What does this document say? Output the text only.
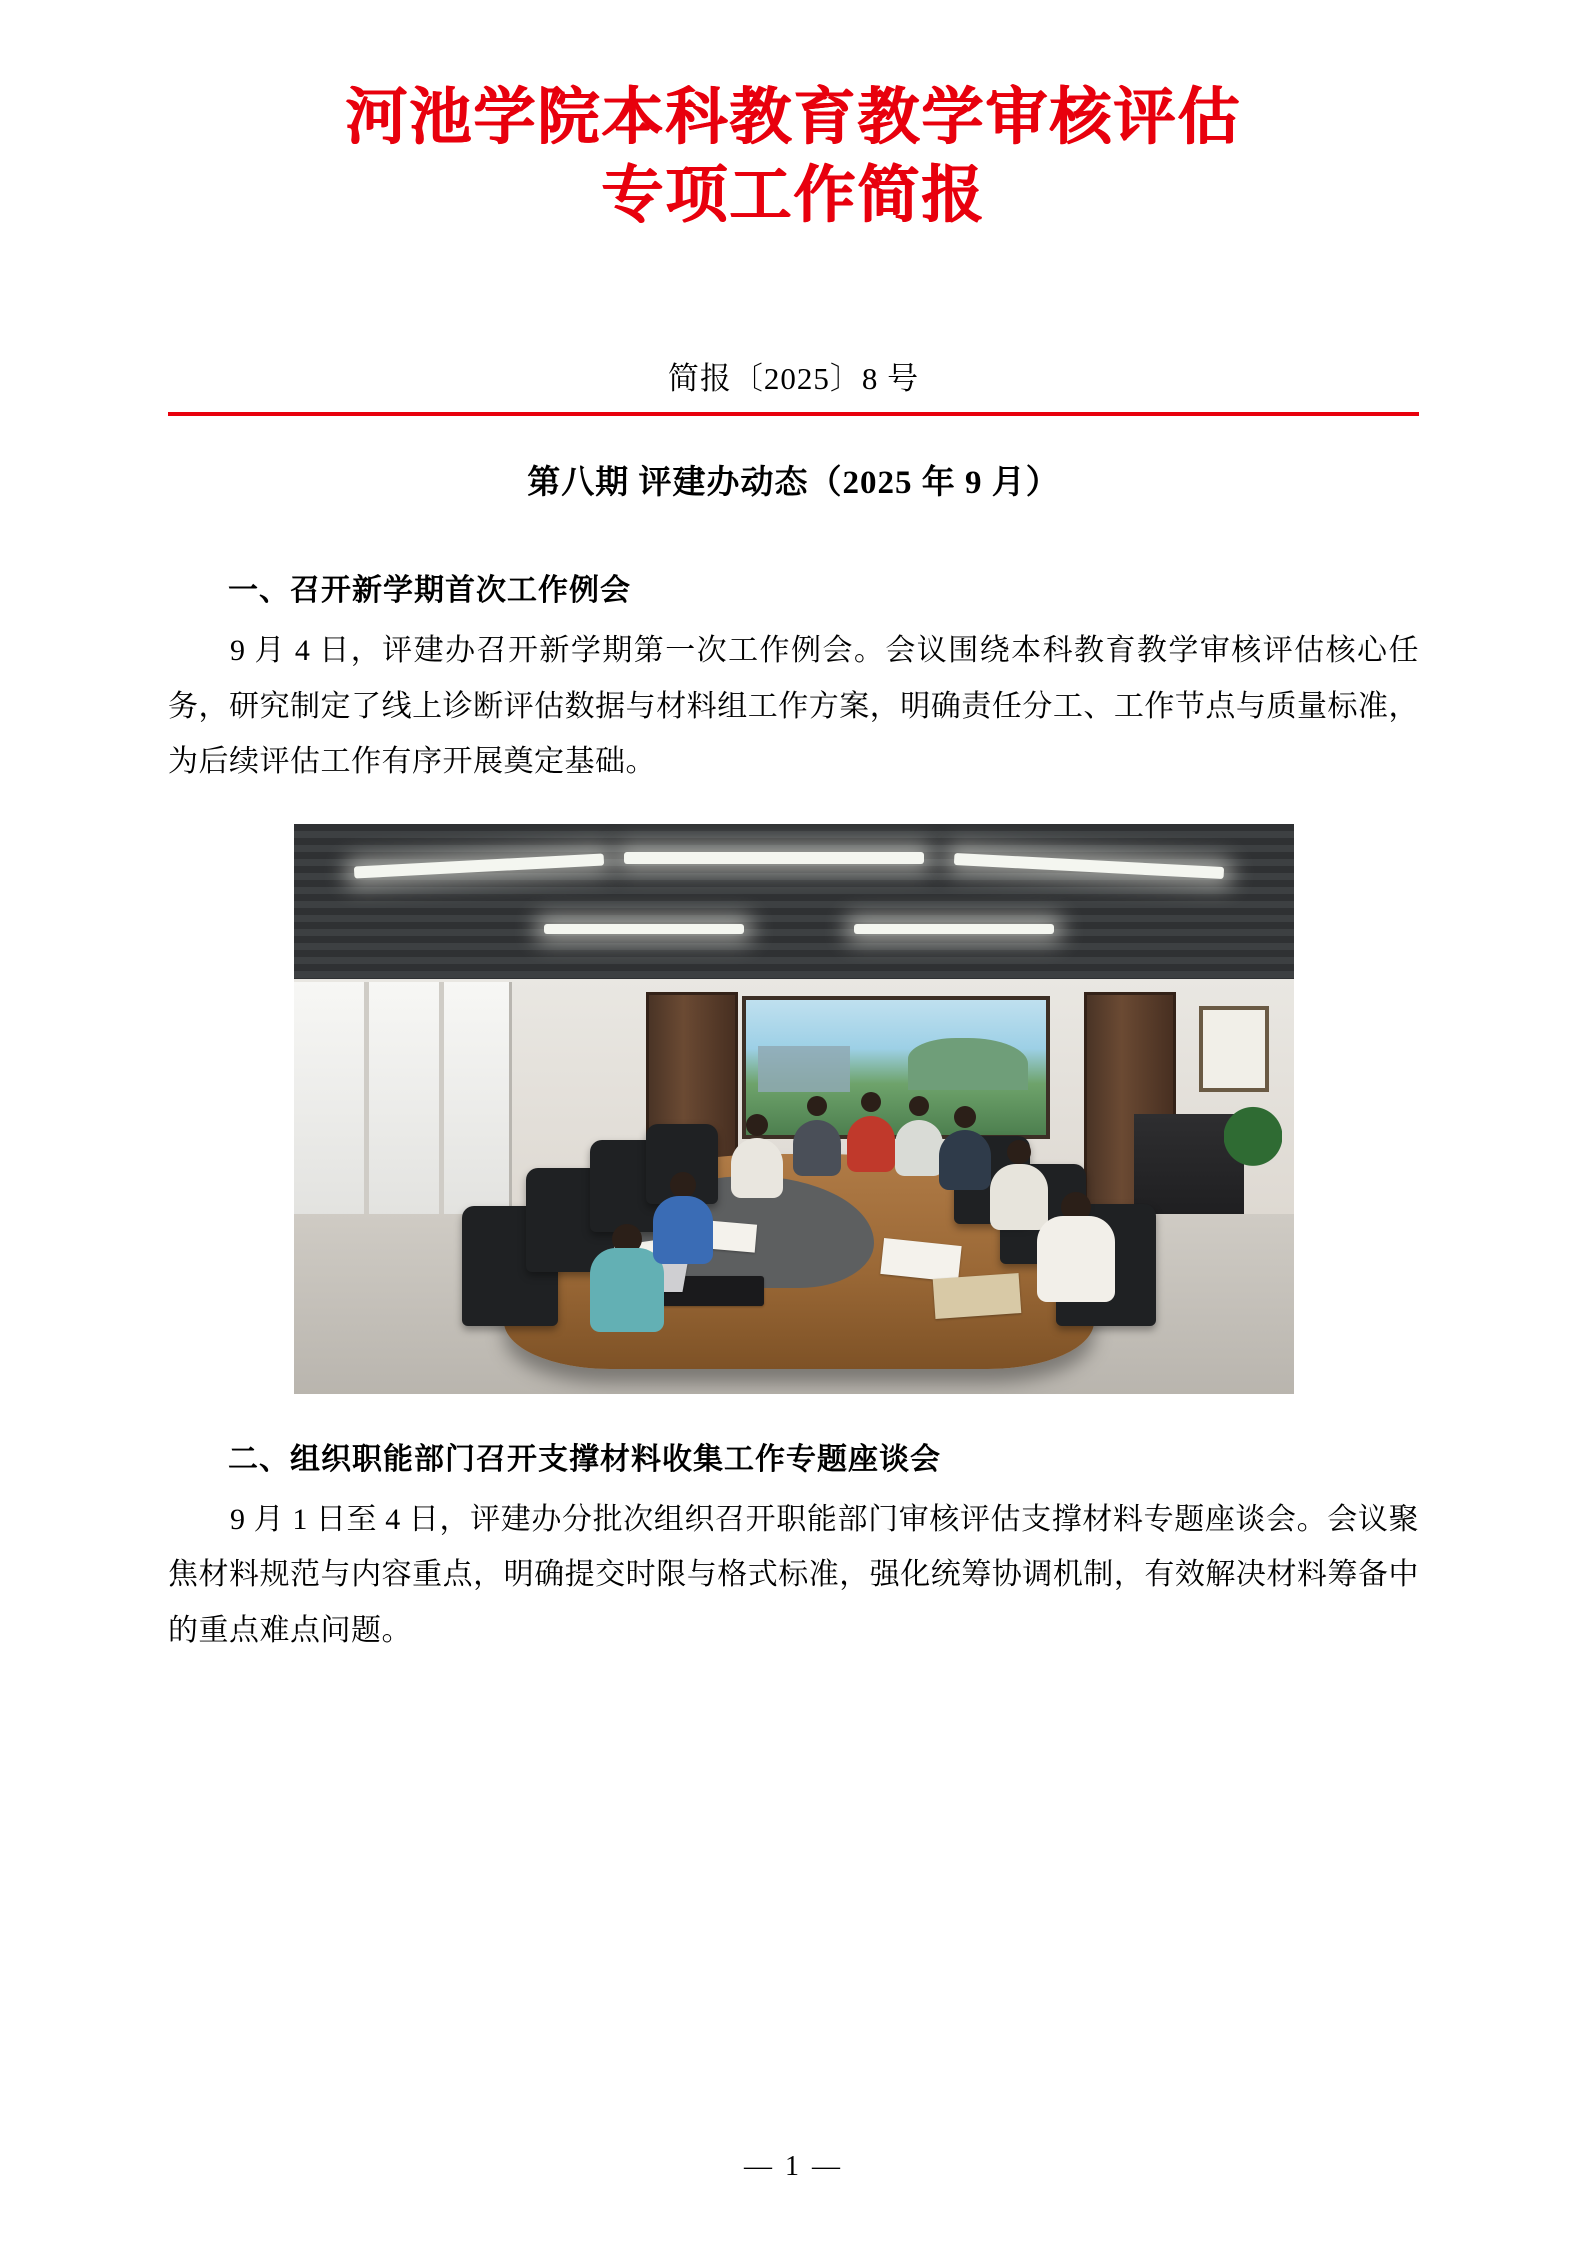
河池学院本科教育教学审核评估
专项工作简报
简报〔2025〕8 号
第八期 评建办动态（2025 年 9 月）
一、召开新学期首次工作例会
9 月 4 日，评建办召开新学期第一次工作例会。会议围绕本科教育教学审核评估核心任务，研究制定了线上诊断评估数据与材料组工作方案，明确责任分工、工作节点与质量标准，为后续评估工作有序开展奠定基础。
二、组织职能部门召开支撑材料收集工作专题座谈会
9 月 1 日至 4 日，评建办分批次组织召开职能部门审核评估支撑材料专题座谈会。会议聚焦材料规范与内容重点，明确提交时限与格式标准，强化统筹协调机制，有效解决材料筹备中的重点难点问题。
— 1 —
